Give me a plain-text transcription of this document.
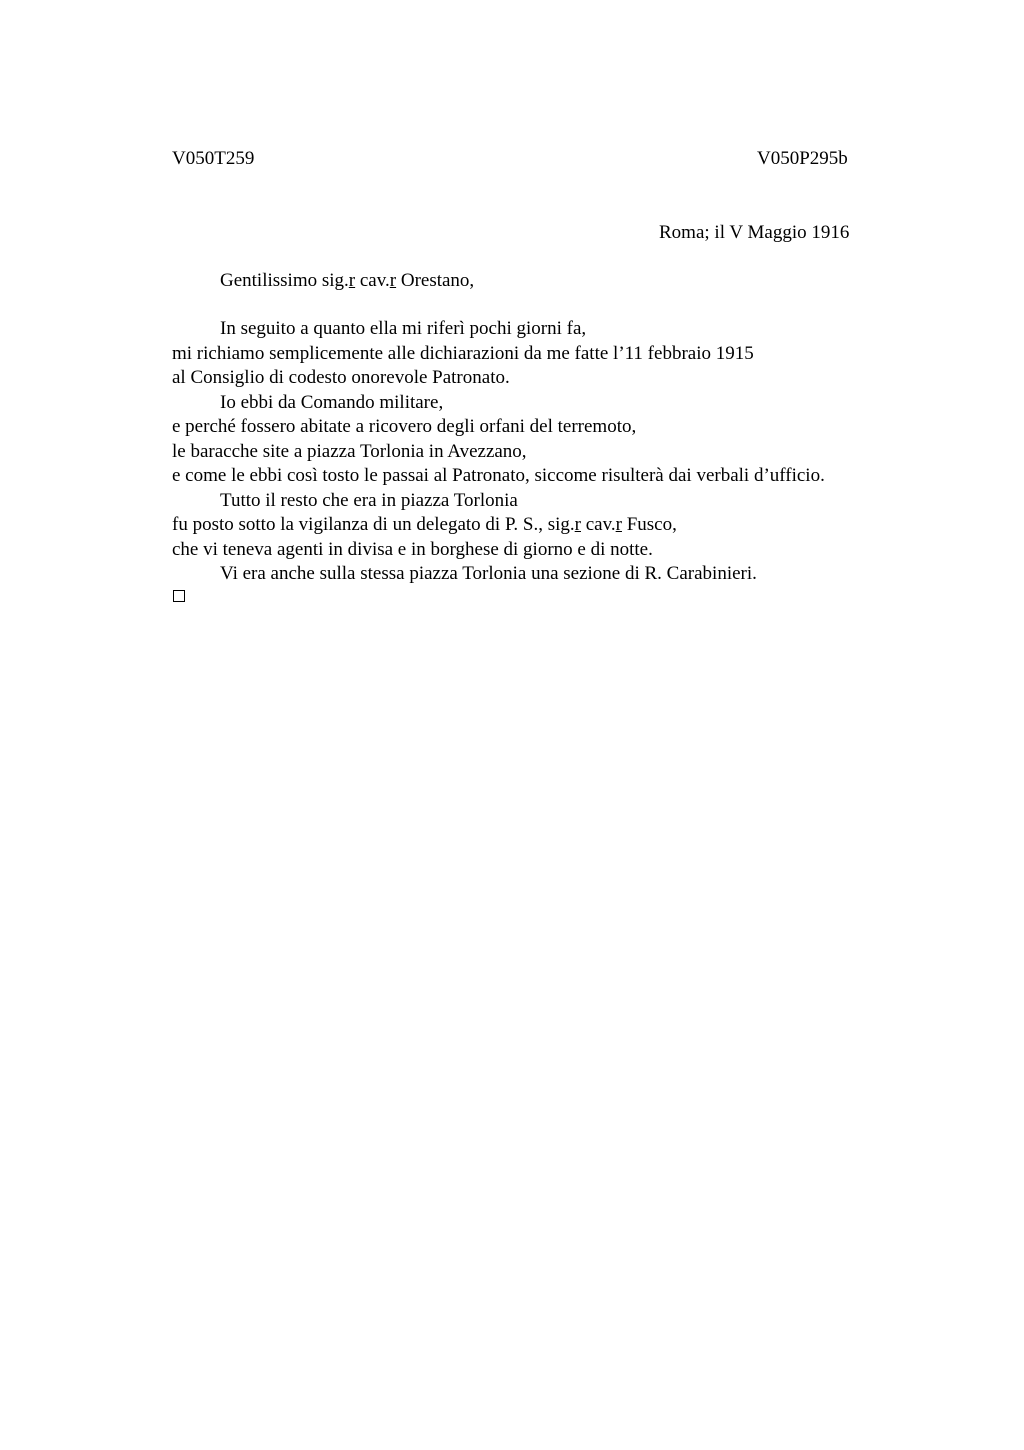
V050T259	V050P295b
Roma; il V Maggio 1916
Gentilissimo sig.r cav.r Orestano,
In seguito a quanto ella mi riferì pochi giorni fa,
mi richiamo semplicemente alle dichiarazioni da me fatte l’11 febbraio 1915
al Consiglio di codesto onorevole Patronato.
Io ebbi da Comando militare,
e perché fossero abitate a ricovero degli orfani del terremoto,
le baracche site a piazza Torlonia in Avezzano,
e come le ebbi così tosto le passai al Patronato, siccome risulterà dai verbali d’ufficio.
Tutto il resto che era in piazza Torlonia
fu posto sotto la vigilanza di un delegato di P. S., sig.r cav.r Fusco,
che vi teneva agenti in divisa e in borghese di giorno e di notte.
Vi era anche sulla stessa piazza Torlonia una sezione di R. Carabinieri.
